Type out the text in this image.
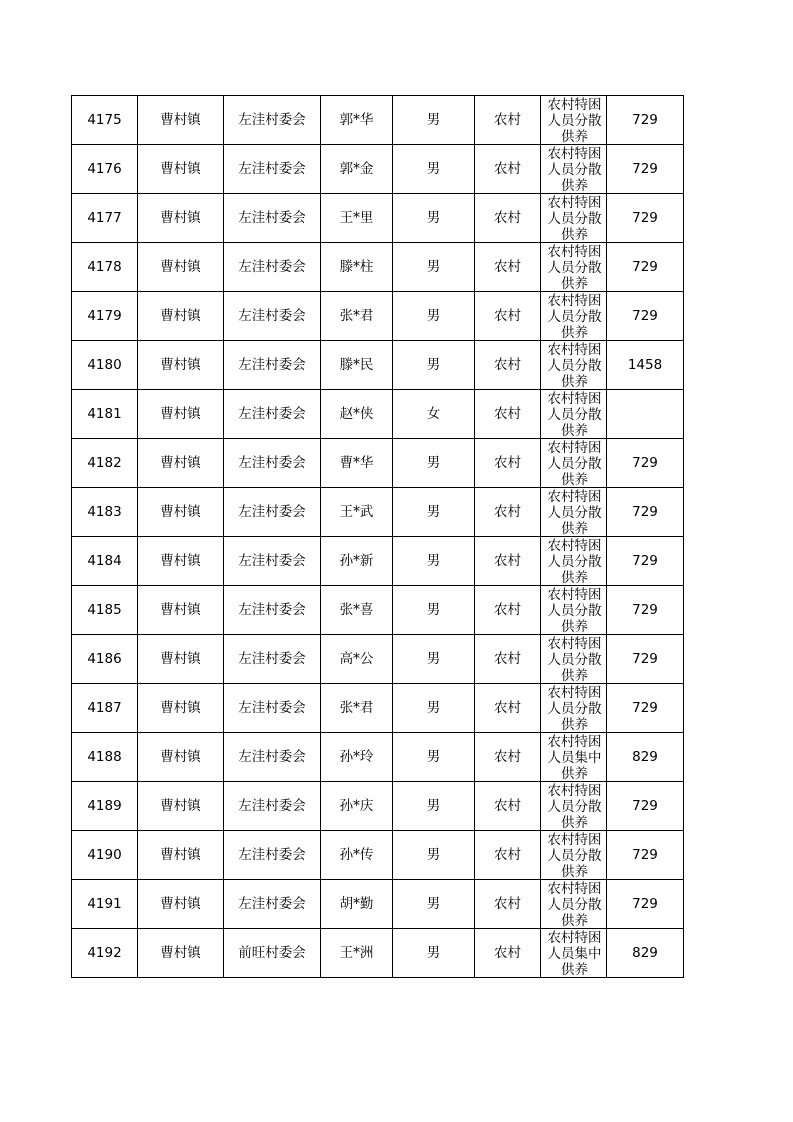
4175	曹村镇	左洼村委会	郭*华	男	农村	农村特困人员分散供养	729
4176	曹村镇	左洼村委会	郭*金	男	农村	农村特困人员分散供养	729
4177	曹村镇	左洼村委会	王*里	男	农村	农村特困人员分散供养	729
4178	曹村镇	左洼村委会	滕*柱	男	农村	农村特困人员分散供养	729
4179	曹村镇	左洼村委会	张*君	男	农村	农村特困人员分散供养	729
4180	曹村镇	左洼村委会	滕*民	男	农村	农村特困人员分散供养	1458
4181	曹村镇	左洼村委会	赵*侠	女	农村	农村特困人员分散供养	

4182	曹村镇	左洼村委会	曹*华	男	农村	农村特困人员分散供养	729
4183	曹村镇	左洼村委会	王*武	男	农村	农村特困人员分散供养	729
4184	曹村镇	左洼村委会	孙*新	男	农村	农村特困人员分散供养	729
4185	曹村镇	左洼村委会	张*喜	男	农村	农村特困人员分散供养	729
4186	曹村镇	左洼村委会	高*公	男	农村	农村特困人员分散供养	729
4187	曹村镇	左洼村委会	张*君	男	农村	农村特困人员分散供养	729
4188	曹村镇	左洼村委会	孙*玲	男	农村	农村特困人员集中供养	829
4189	曹村镇	左洼村委会	孙*庆	男	农村	农村特困人员分散供养	729
4190	曹村镇	左洼村委会	孙*传	男	农村	农村特困人员分散供养	729
4191	曹村镇	左洼村委会	胡*勤	男	农村	农村特困人员分散供养	729
4192	曹村镇	前旺村委会	王*洲	男	农村	农村特困人员集中供养	829
